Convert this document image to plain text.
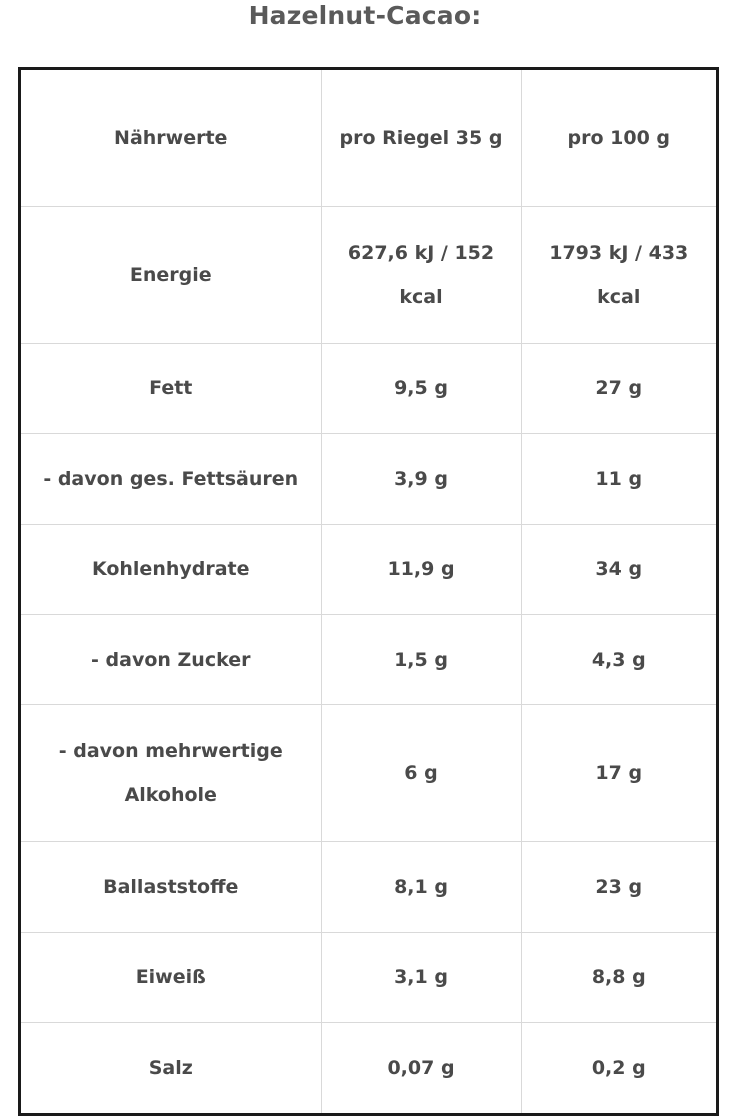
Hazelnut-Cacao:
Nährwerte	pro Riegel 35 g	pro 100 g
Energie	627,6 kJ / 152 kcal	1793 kJ / 433 kcal
Fett	9,5 g	27 g
- davon ges. Fettsäuren	3,9 g	11 g
Kohlenhydrate	11,9 g	34 g
- davon Zucker	1,5 g	4,3 g
- davon mehrwertige Alkohole	6 g	17 g
Ballaststoffe	8,1 g	23 g
Eiweiß	3,1 g	8,8 g
Salz	0,07 g	0,2 g
